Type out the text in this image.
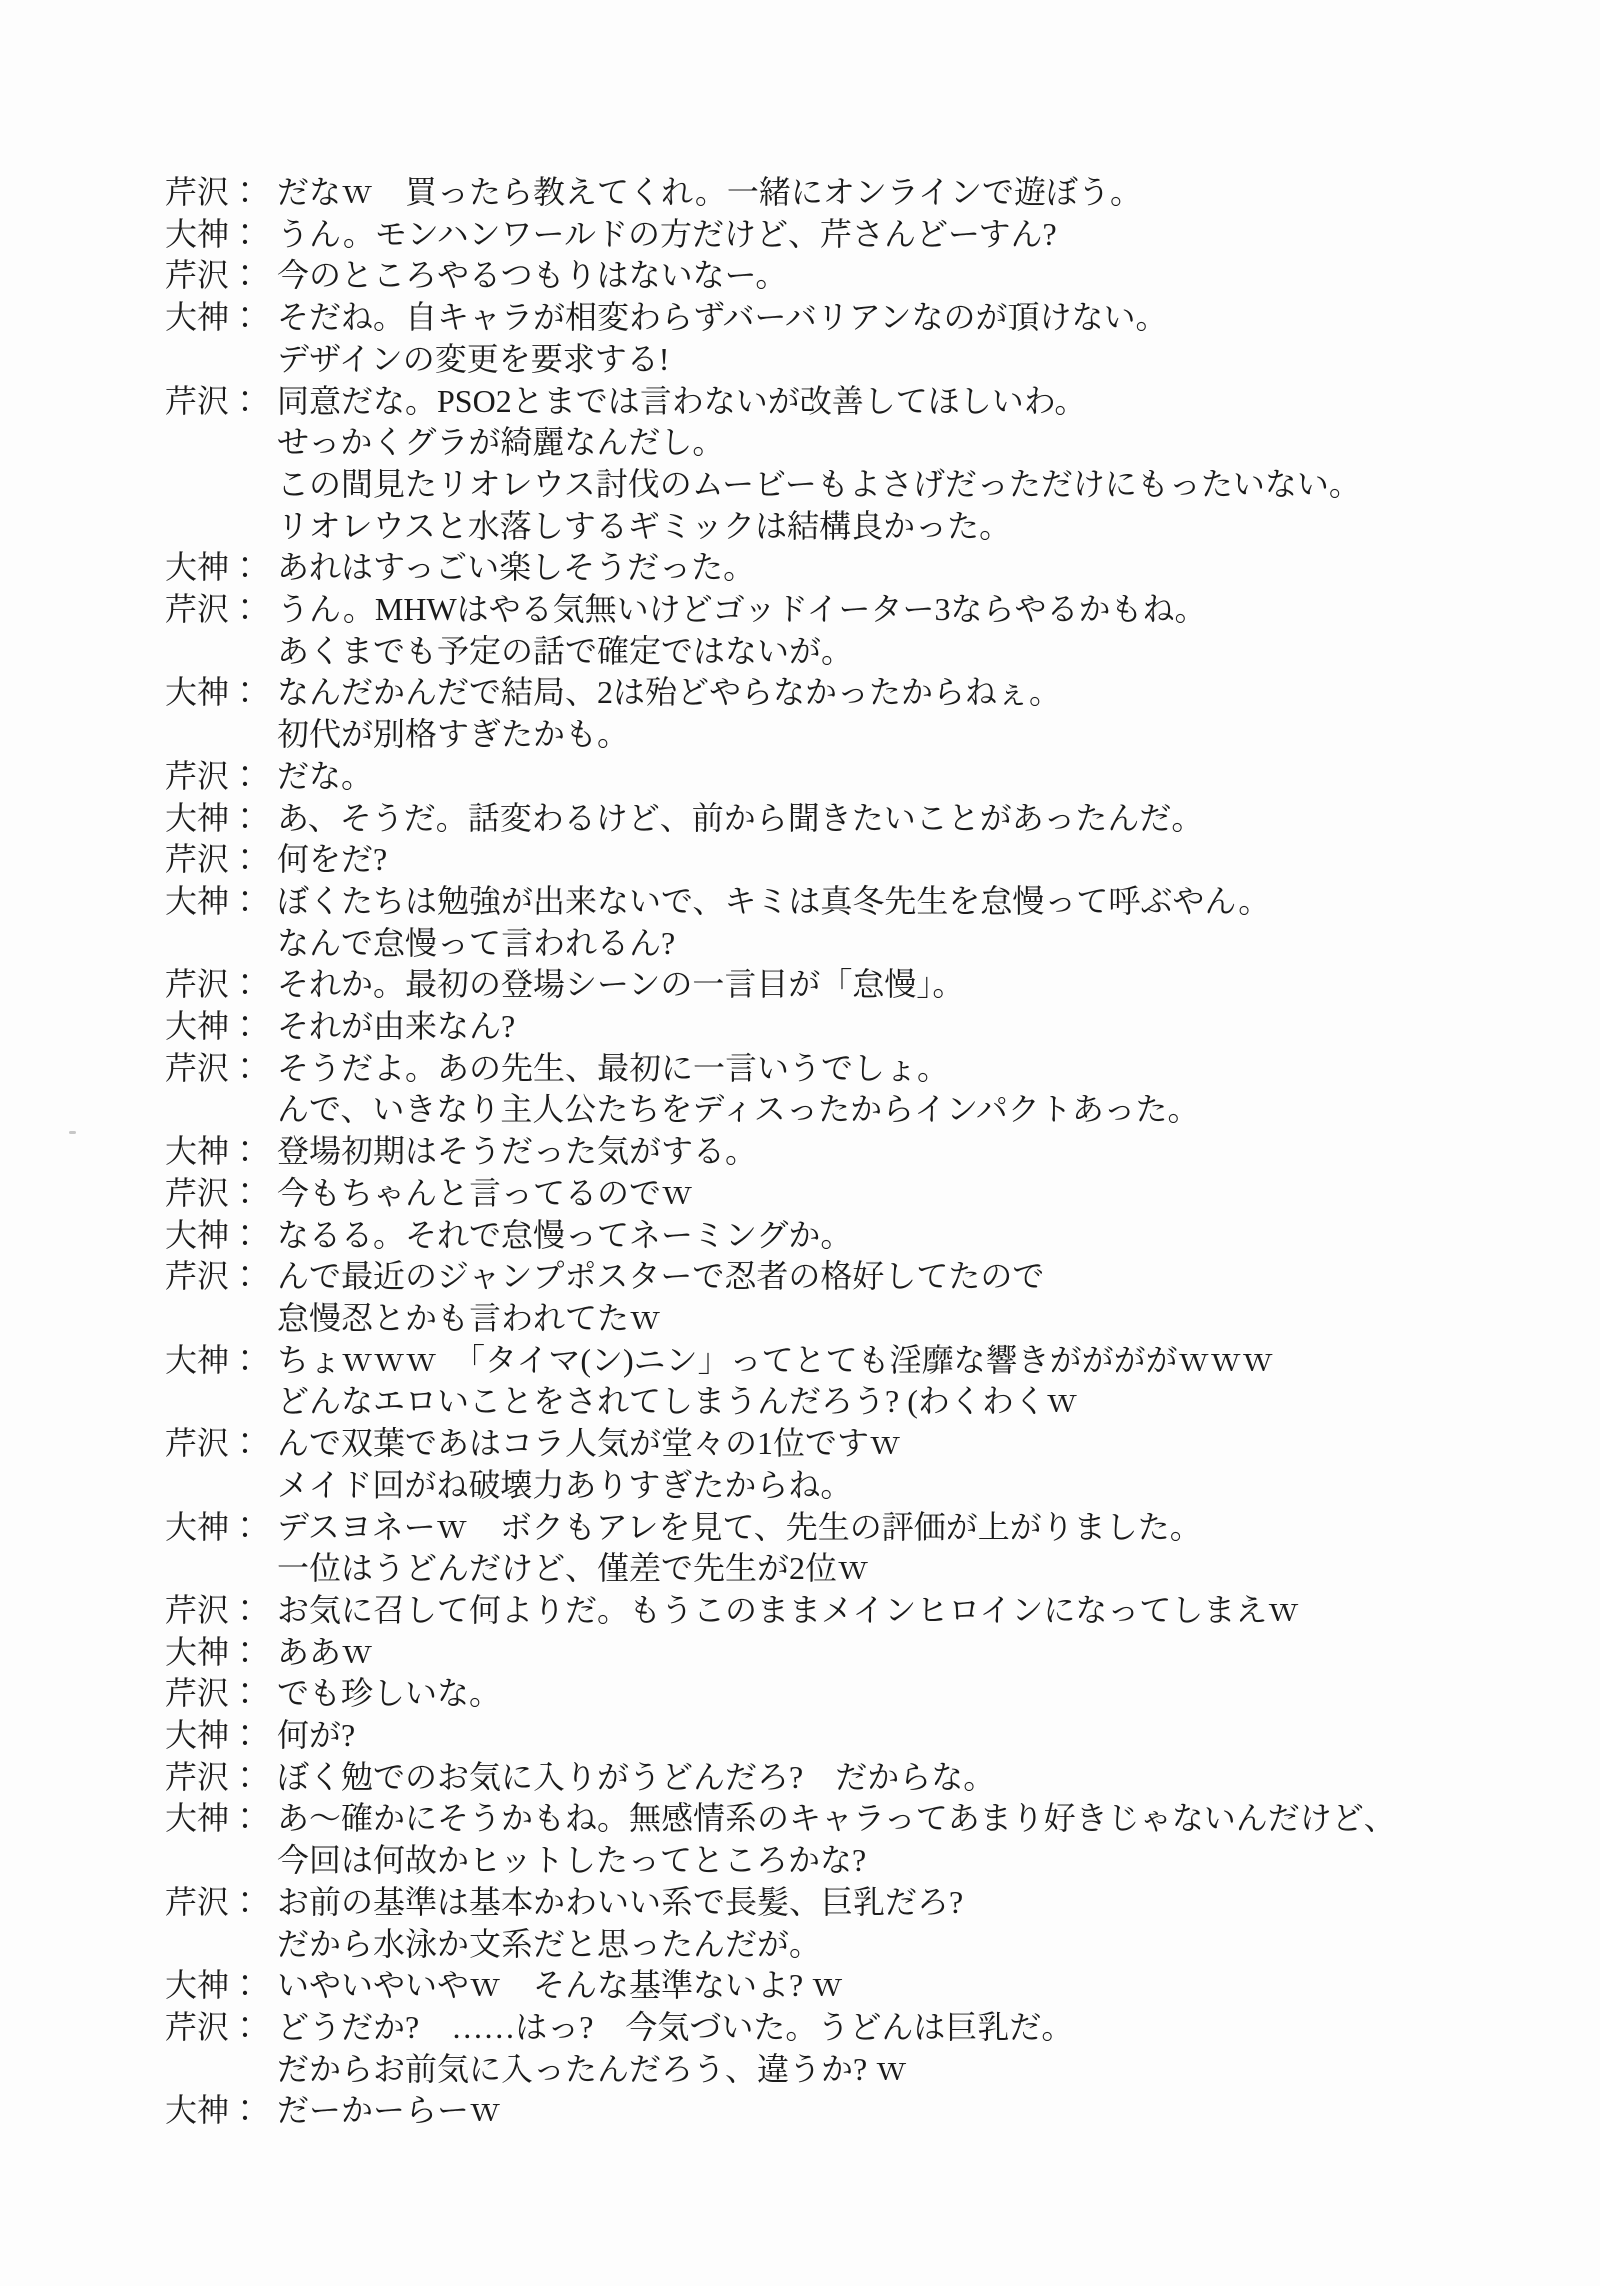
芹沢： だなｗ　買ったら教えてくれ。一緒にオンラインで遊ぼう。
大神： うん。モンハンワールドの方だけど、芹さんどーすん?
芹沢： 今のところやるつもりはないなー。
大神： そだね。自キャラが相変わらずバーバリアンなのが頂けない。
デザインの変更を要求する!
芹沢： 同意だな。PSO2とまでは言わないが改善してほしいわ。
せっかくグラが綺麗なんだし。
この間見たリオレウス討伐のムービーもよさげだっただけにもったいない。
リオレウスと水落しするギミックは結構良かった。
大神： あれはすっごい楽しそうだった。
芹沢： うん。MHWはやる気無いけどゴッドイーター3ならやるかもね。
あくまでも予定の話で確定ではないが。
大神： なんだかんだで結局、2は殆どやらなかったからねぇ。
初代が別格すぎたかも。
芹沢： だな。
大神： あ、そうだ。話変わるけど、前から聞きたいことがあったんだ。
芹沢： 何をだ?
大神： ぼくたちは勉強が出来ないで、キミは真冬先生を怠慢って呼ぶやん。
なんで怠慢って言われるん?
芹沢： それか。最初の登場シーンの一言目が「怠慢」。
大神： それが由来なん?
芹沢： そうだよ。あの先生、最初に一言いうでしょ。
んで、いきなり主人公たちをディスったからインパクトあった。
大神： 登場初期はそうだった気がする。
芹沢： 今もちゃんと言ってるのでｗ
大神： なるる。それで怠慢ってネーミングか。
芹沢： んで最近のジャンプポスターで忍者の格好してたので
怠慢忍とかも言われてたｗ
大神： ちょｗｗｗ　「タイマ(ン)ニン」ってとても淫靡な響きががががｗｗｗ
どんなエロいことをされてしまうんだろう? (わくわくｗ
芹沢： んで双葉であはコラ人気が堂々の1位ですｗ
メイド回がね破壊力ありすぎたからね。
大神： デスヨネーｗ　ボクもアレを見て、先生の評価が上がりました。
一位はうどんだけど、僅差で先生が2位ｗ
芹沢： お気に召して何よりだ。もうこのままメインヒロインになってしまえｗ
大神： ああｗ
芹沢： でも珍しいな。
大神： 何が?
芹沢： ぼく勉でのお気に入りがうどんだろ?　だからな。
大神： あ〜確かにそうかもね。無感情系のキャラってあまり好きじゃないんだけど、
今回は何故かヒットしたってところかな?
芹沢： お前の基準は基本かわいい系で長髪、巨乳だろ?
だから水泳か文系だと思ったんだが。
大神： いやいやいやｗ　そんな基準ないよ? ｗ
芹沢： どうだか?　……はっ?　今気づいた。うどんは巨乳だ。
だからお前気に入ったんだろう、違うか? ｗ
大神： だーかーらーｗ
